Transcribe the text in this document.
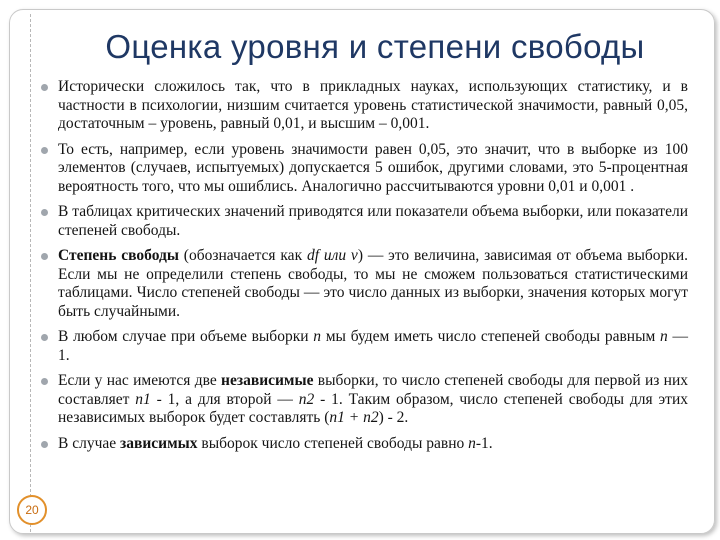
Оценка уровня и степени свободы
Исторически сложилось так, что в прикладных науках, использующих статистику, и в частности в психологии, низшим считается уровень статистической значимости, равный 0,05, достаточным – уровень, равный 0,01, и высшим – 0,001.
То есть, например, если уровень значимости равен 0,05, это значит, что в выборке из 100 элементов (случаев, испытуемых) допускается 5 ошибок, другими словами, это 5-процентная вероятность того, что мы ошиблись. Аналогично рассчитываются уровни 0,01 и 0,001 .
В таблицах критических значений приводятся или показатели объема выборки, или показатели степеней свободы.
Степень свободы (обозначается как df или v) — это величина, зависимая от объема выборки. Если мы не определили степень свободы, то мы не сможем пользоваться статистическими таблицами. Число степеней свободы — это число данных из выборки, значения которых могут быть случайными.
В любом случае при объеме выборки n мы будем иметь число степеней свободы равным n — 1.
Если у нас имеются две независимые выборки, то число степеней свободы для первой из них составляет n1 - 1, а для второй — n2 - 1. Таким образом, число степеней свободы для этих независимых выборок будет составлять (n1 + n2) - 2.
В случае зависимых выборок число степеней свободы равно n-1.
20
